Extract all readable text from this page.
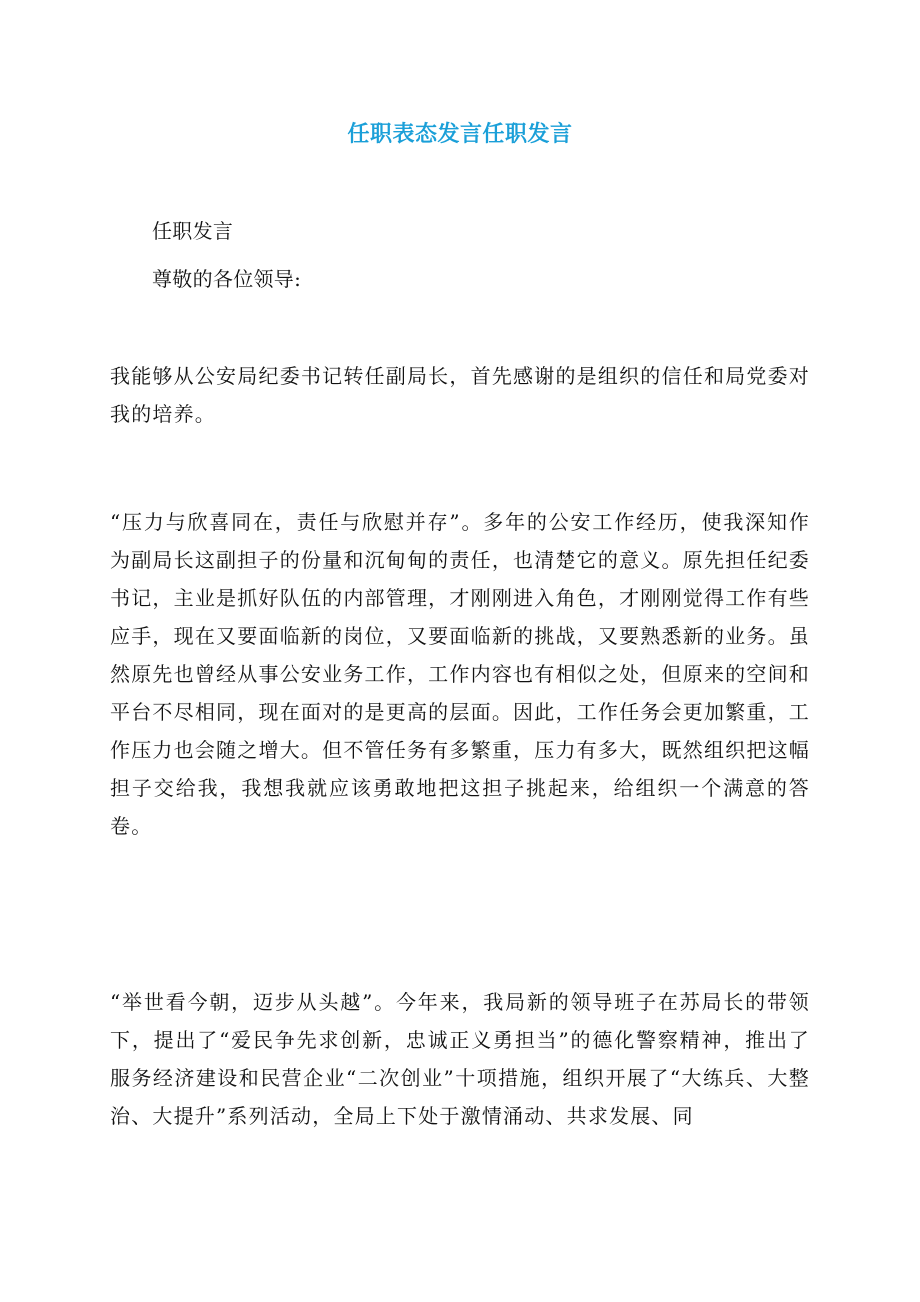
任职表态发言任职发言
任职发言
尊敬的各位领导:
我能够从公安局纪委书记转任副局长，首先感谢的是组织的信任和局党委对我的培养。
“压力与欣喜同在，责任与欣慰并存”。多年的公安工作经历，使我深知作为副局长这副担子的份量和沉甸甸的责任，也清楚它的意义。原先担任纪委书记，主业是抓好队伍的内部管理，才刚刚进入角色，才刚刚觉得工作有些应手，现在又要面临新的岗位，又要面临新的挑战，又要熟悉新的业务。虽然原先也曾经从事公安业务工作，工作内容也有相似之处，但原来的空间和平台不尽相同，现在面对的是更高的层面。因此，工作任务会更加繁重，工作压力也会随之增大。但不管任务有多繁重，压力有多大，既然组织把这幅担子交给我，我想我就应该勇敢地把这担子挑起来，给组织一个满意的答卷。
“举世看今朝，迈步从头越”。今年来，我局新的领导班子在苏局长的带领下，提出了“爱民争先求创新，忠诚正义勇担当”的德化警察精神，推出了服务经济建设和民营企业“二次创业”十项措施，组织开展了“大练兵、大整治、大提升”系列活动，全局上下处于激情涌动、共求发展、同
